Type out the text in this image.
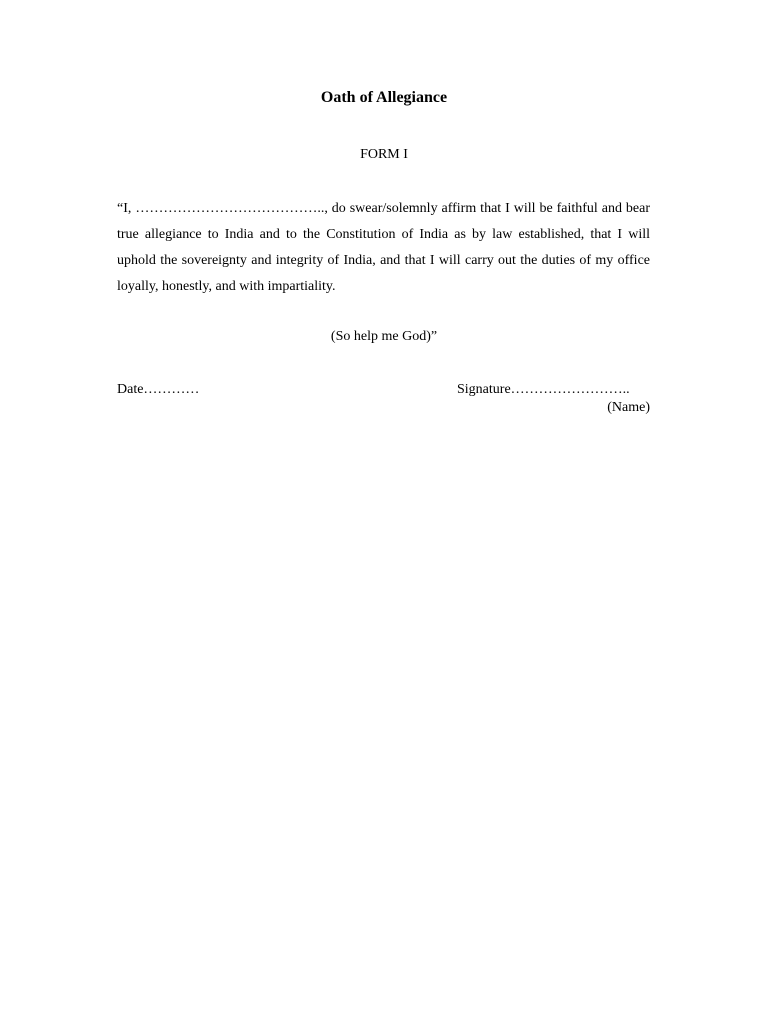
Oath of Allegiance
FORM I

“I, ………………………………….., do swear/solemnly affirm that I will be faithful and bear true allegiance to India and to the Constitution of India as by law established, that I will uphold the sovereignty and integrity of India, and that I will carry out the duties of my office loyally, honestly, and with impartiality.

(So help me God)”
Date…………	Signature……………………..
(Name)
